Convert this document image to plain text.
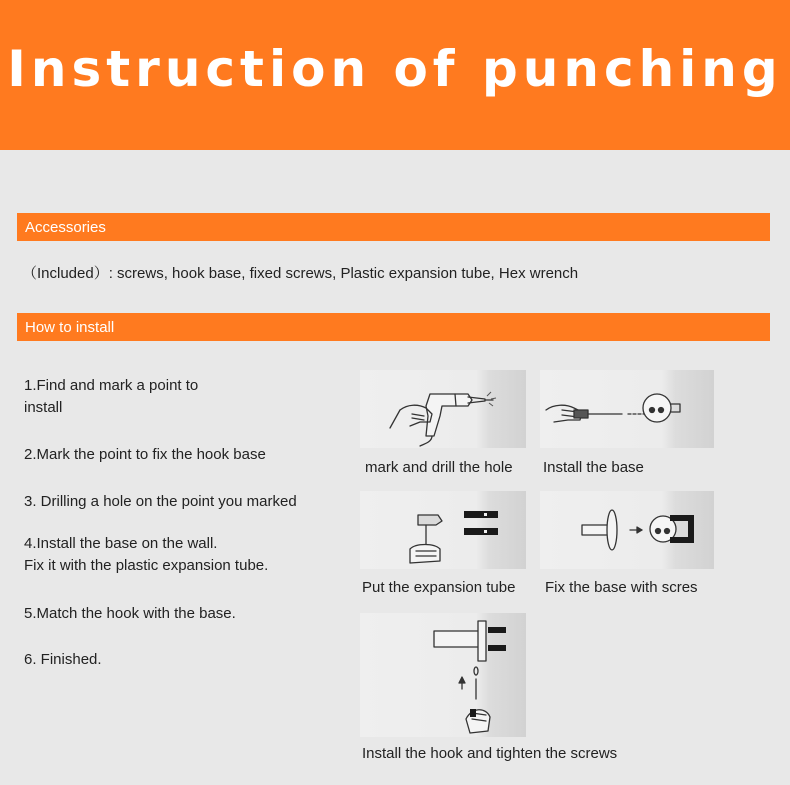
Instruction of punching
Accessories
（Included）: screws, hook base, fixed screws, Plastic expansion tube, Hex wrench
How to install
1.Find and mark a point to
install
2.Mark the point to fix the hook base
3. Drilling a hole on the point you marked
4.Install the base on the wall.
Fix it with the plastic expansion tube.
5.Match the hook with the base.
6. Finished.
mark and drill the hole Install the base
Put the expansion tube Fix the base with scres
Install the hook and tighten the screws
